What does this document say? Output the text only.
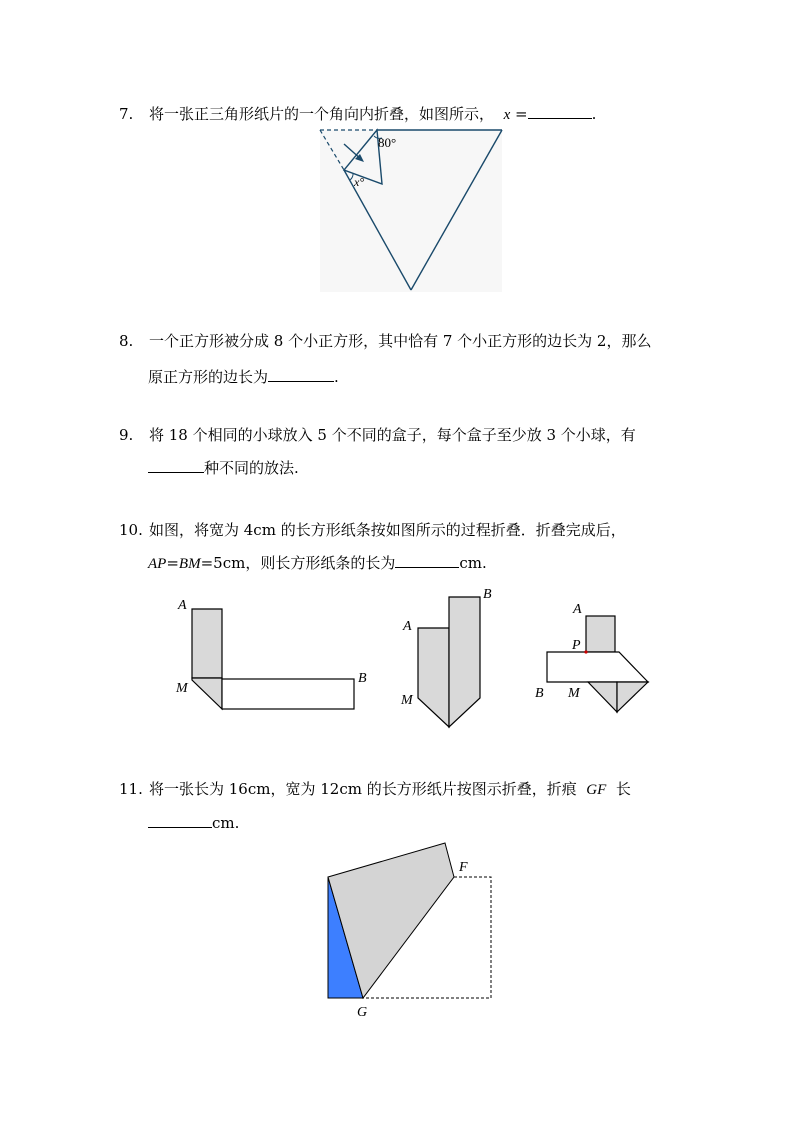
7. 将一张正三角形纸片的一个角向内折叠，如图所示， x =	.
80°
x°
8. 一个正方形被分成 8 个小正方形，其中恰有 7 个小正方形的边长为 2，那么
原正方形的边长为	.
9. 将 18 个相同的小球放入 5 个不同的盒子，每个盒子至少放 3 个小球，有
种不同的放法.
10. 如图，将宽为 4cm 的长方形纸条按如图所示的过程折叠．折叠完成后，
AP=BM=5cm，则长方形纸条的长为	cm.
A
M
B
A
B
M
A
P
B M
11. 将一张长为 16cm，宽为 12cm 的长方形纸片按图示折叠，折痕 GF 长
cm.
F
G
